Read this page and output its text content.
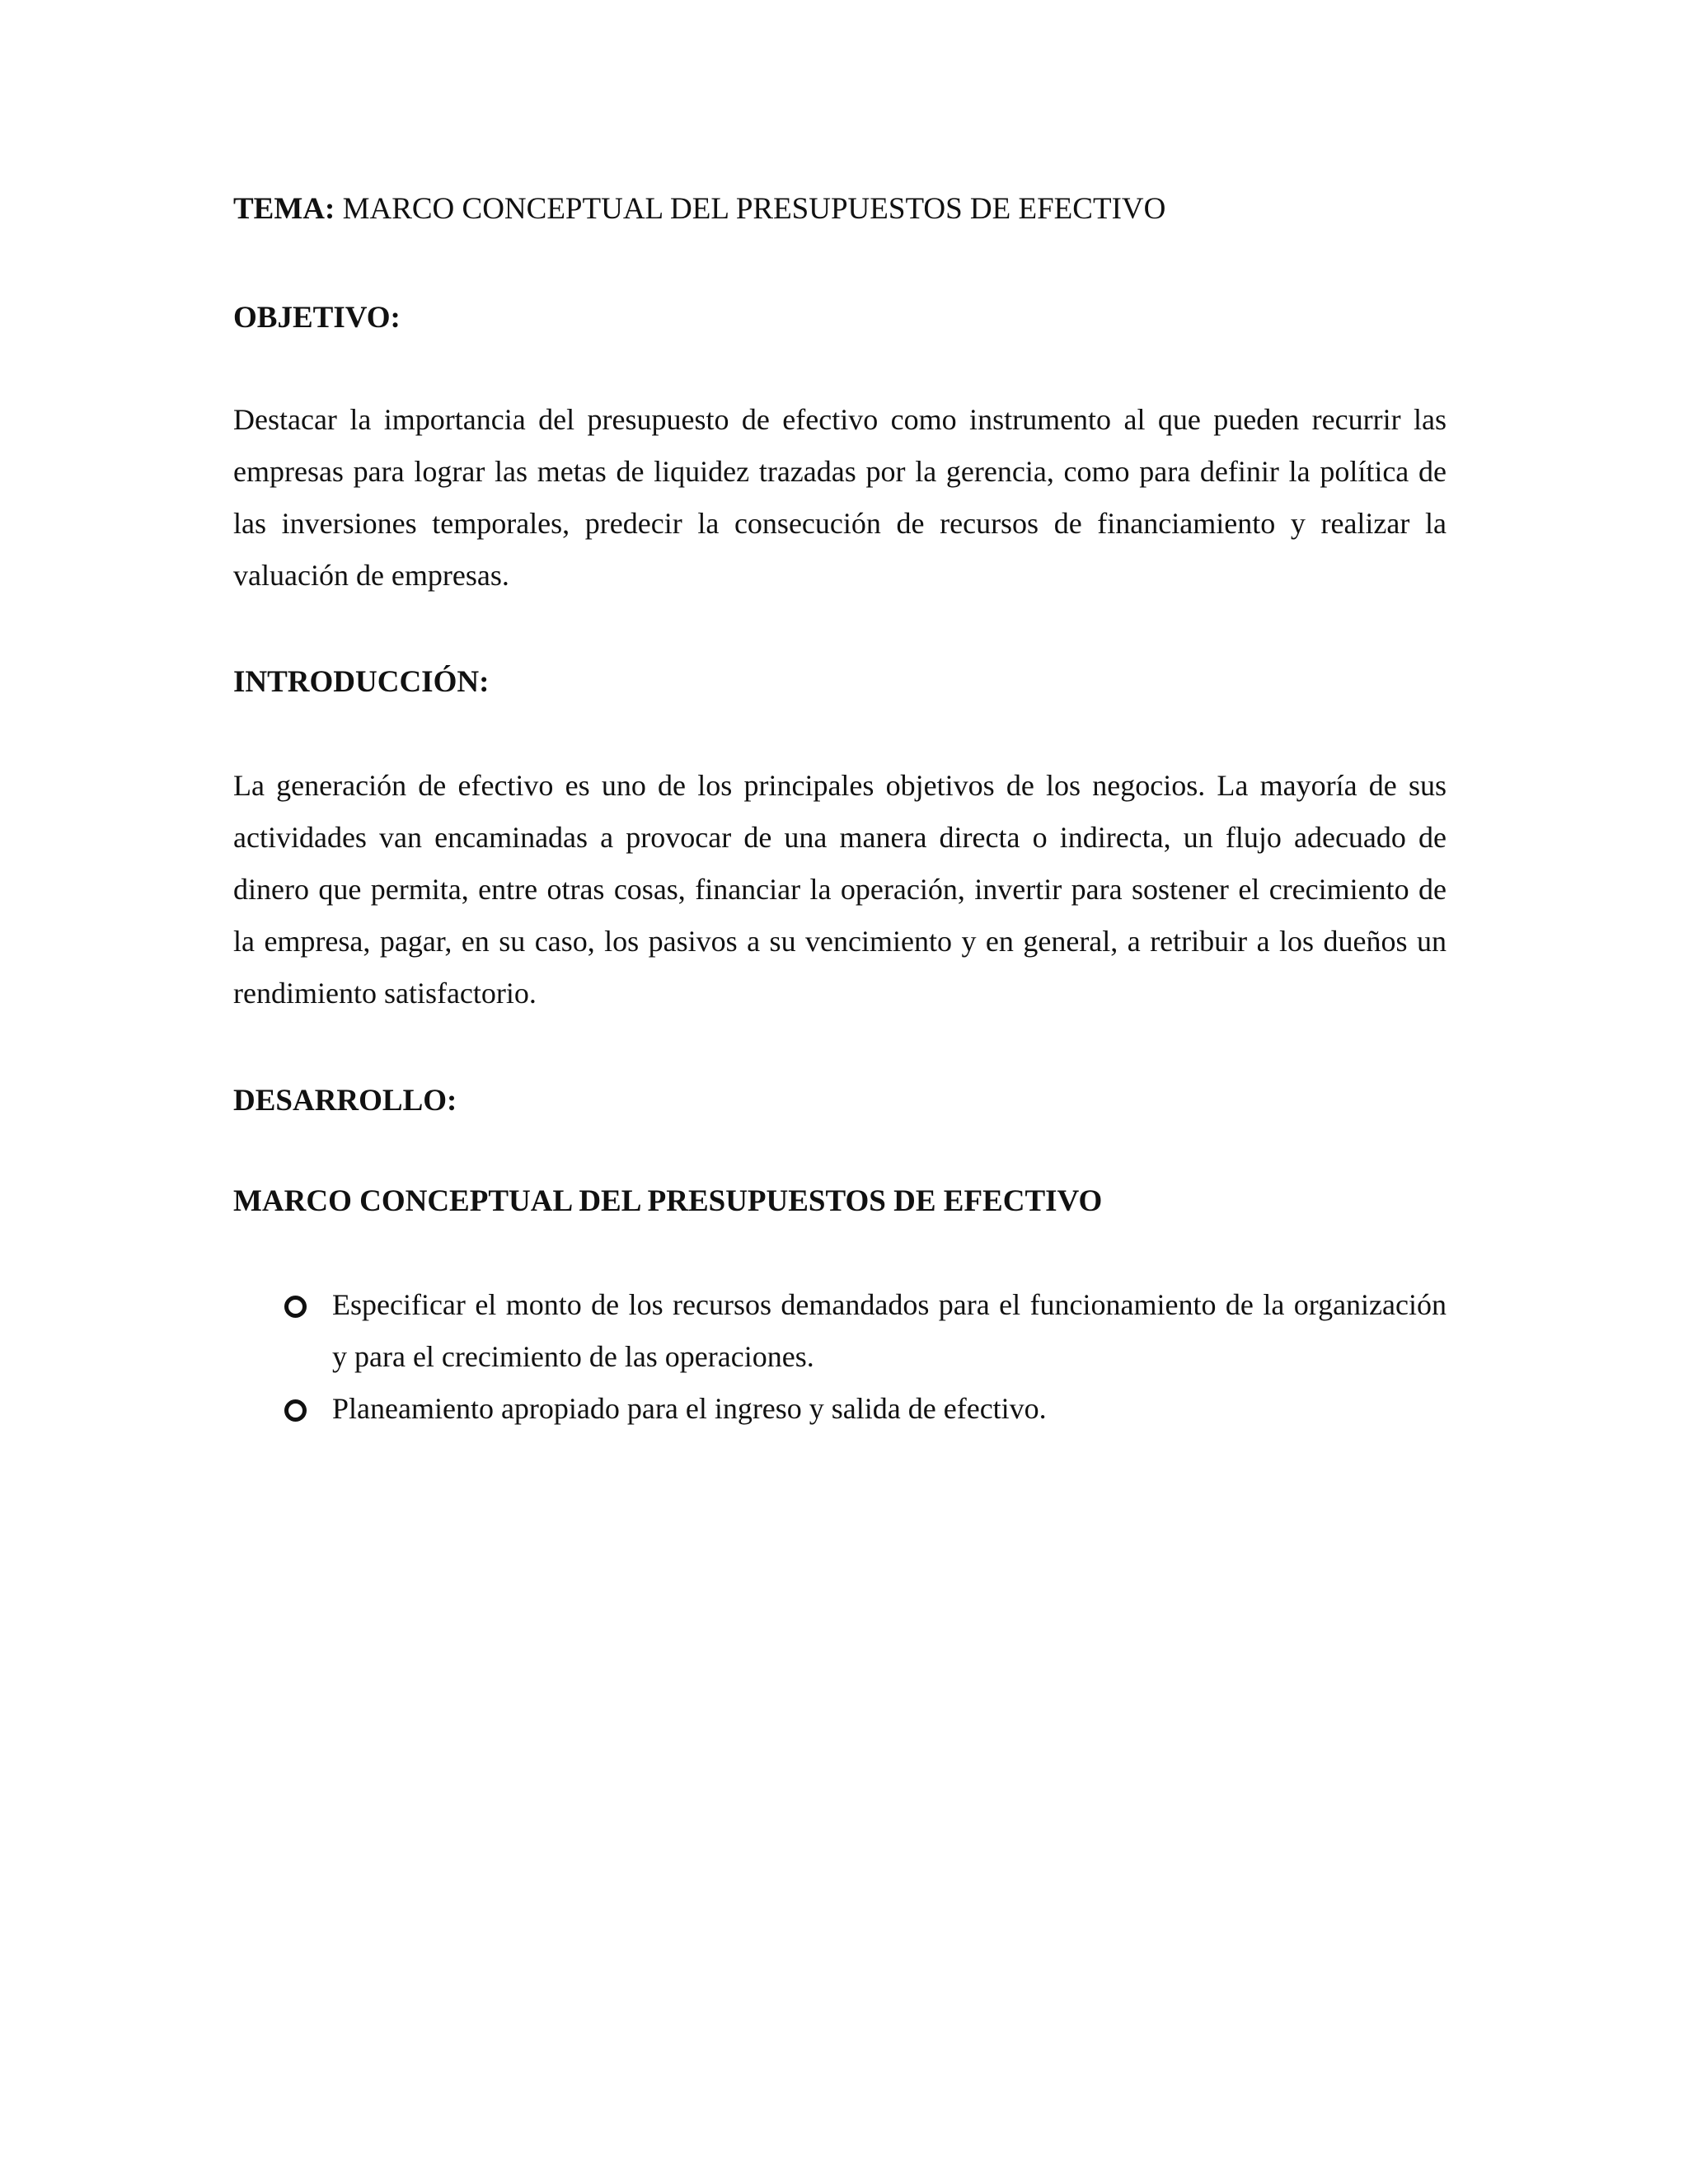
TEMA: MARCO CONCEPTUAL DEL PRESUPUESTOS DE EFECTIVO
OBJETIVO:
Destacar la importancia del presupuesto de efectivo como instrumento al que pueden recurrir las
empresas para lograr las metas de liquidez trazadas por la gerencia, como para definir la política de
las inversiones temporales, predecir la consecución de recursos de financiamiento y realizar la
valuación de empresas.
INTRODUCCIÓN:
La generación de efectivo es uno de los principales objetivos de los negocios. La mayoría de sus
actividades van encaminadas a provocar de una manera directa o indirecta, un flujo adecuado de
dinero que permita, entre otras cosas, financiar la operación, invertir para sostener el crecimiento de
la empresa, pagar, en su caso, los pasivos a su vencimiento y en general, a retribuir a los dueños un
rendimiento satisfactorio.
DESARROLLO:
MARCO CONCEPTUAL DEL PRESUPUESTOS DE EFECTIVO
Especificar el monto de los recursos demandados para el funcionamiento de la organización
y para el crecimiento de las operaciones.
Planeamiento apropiado para el ingreso y salida de efectivo.
